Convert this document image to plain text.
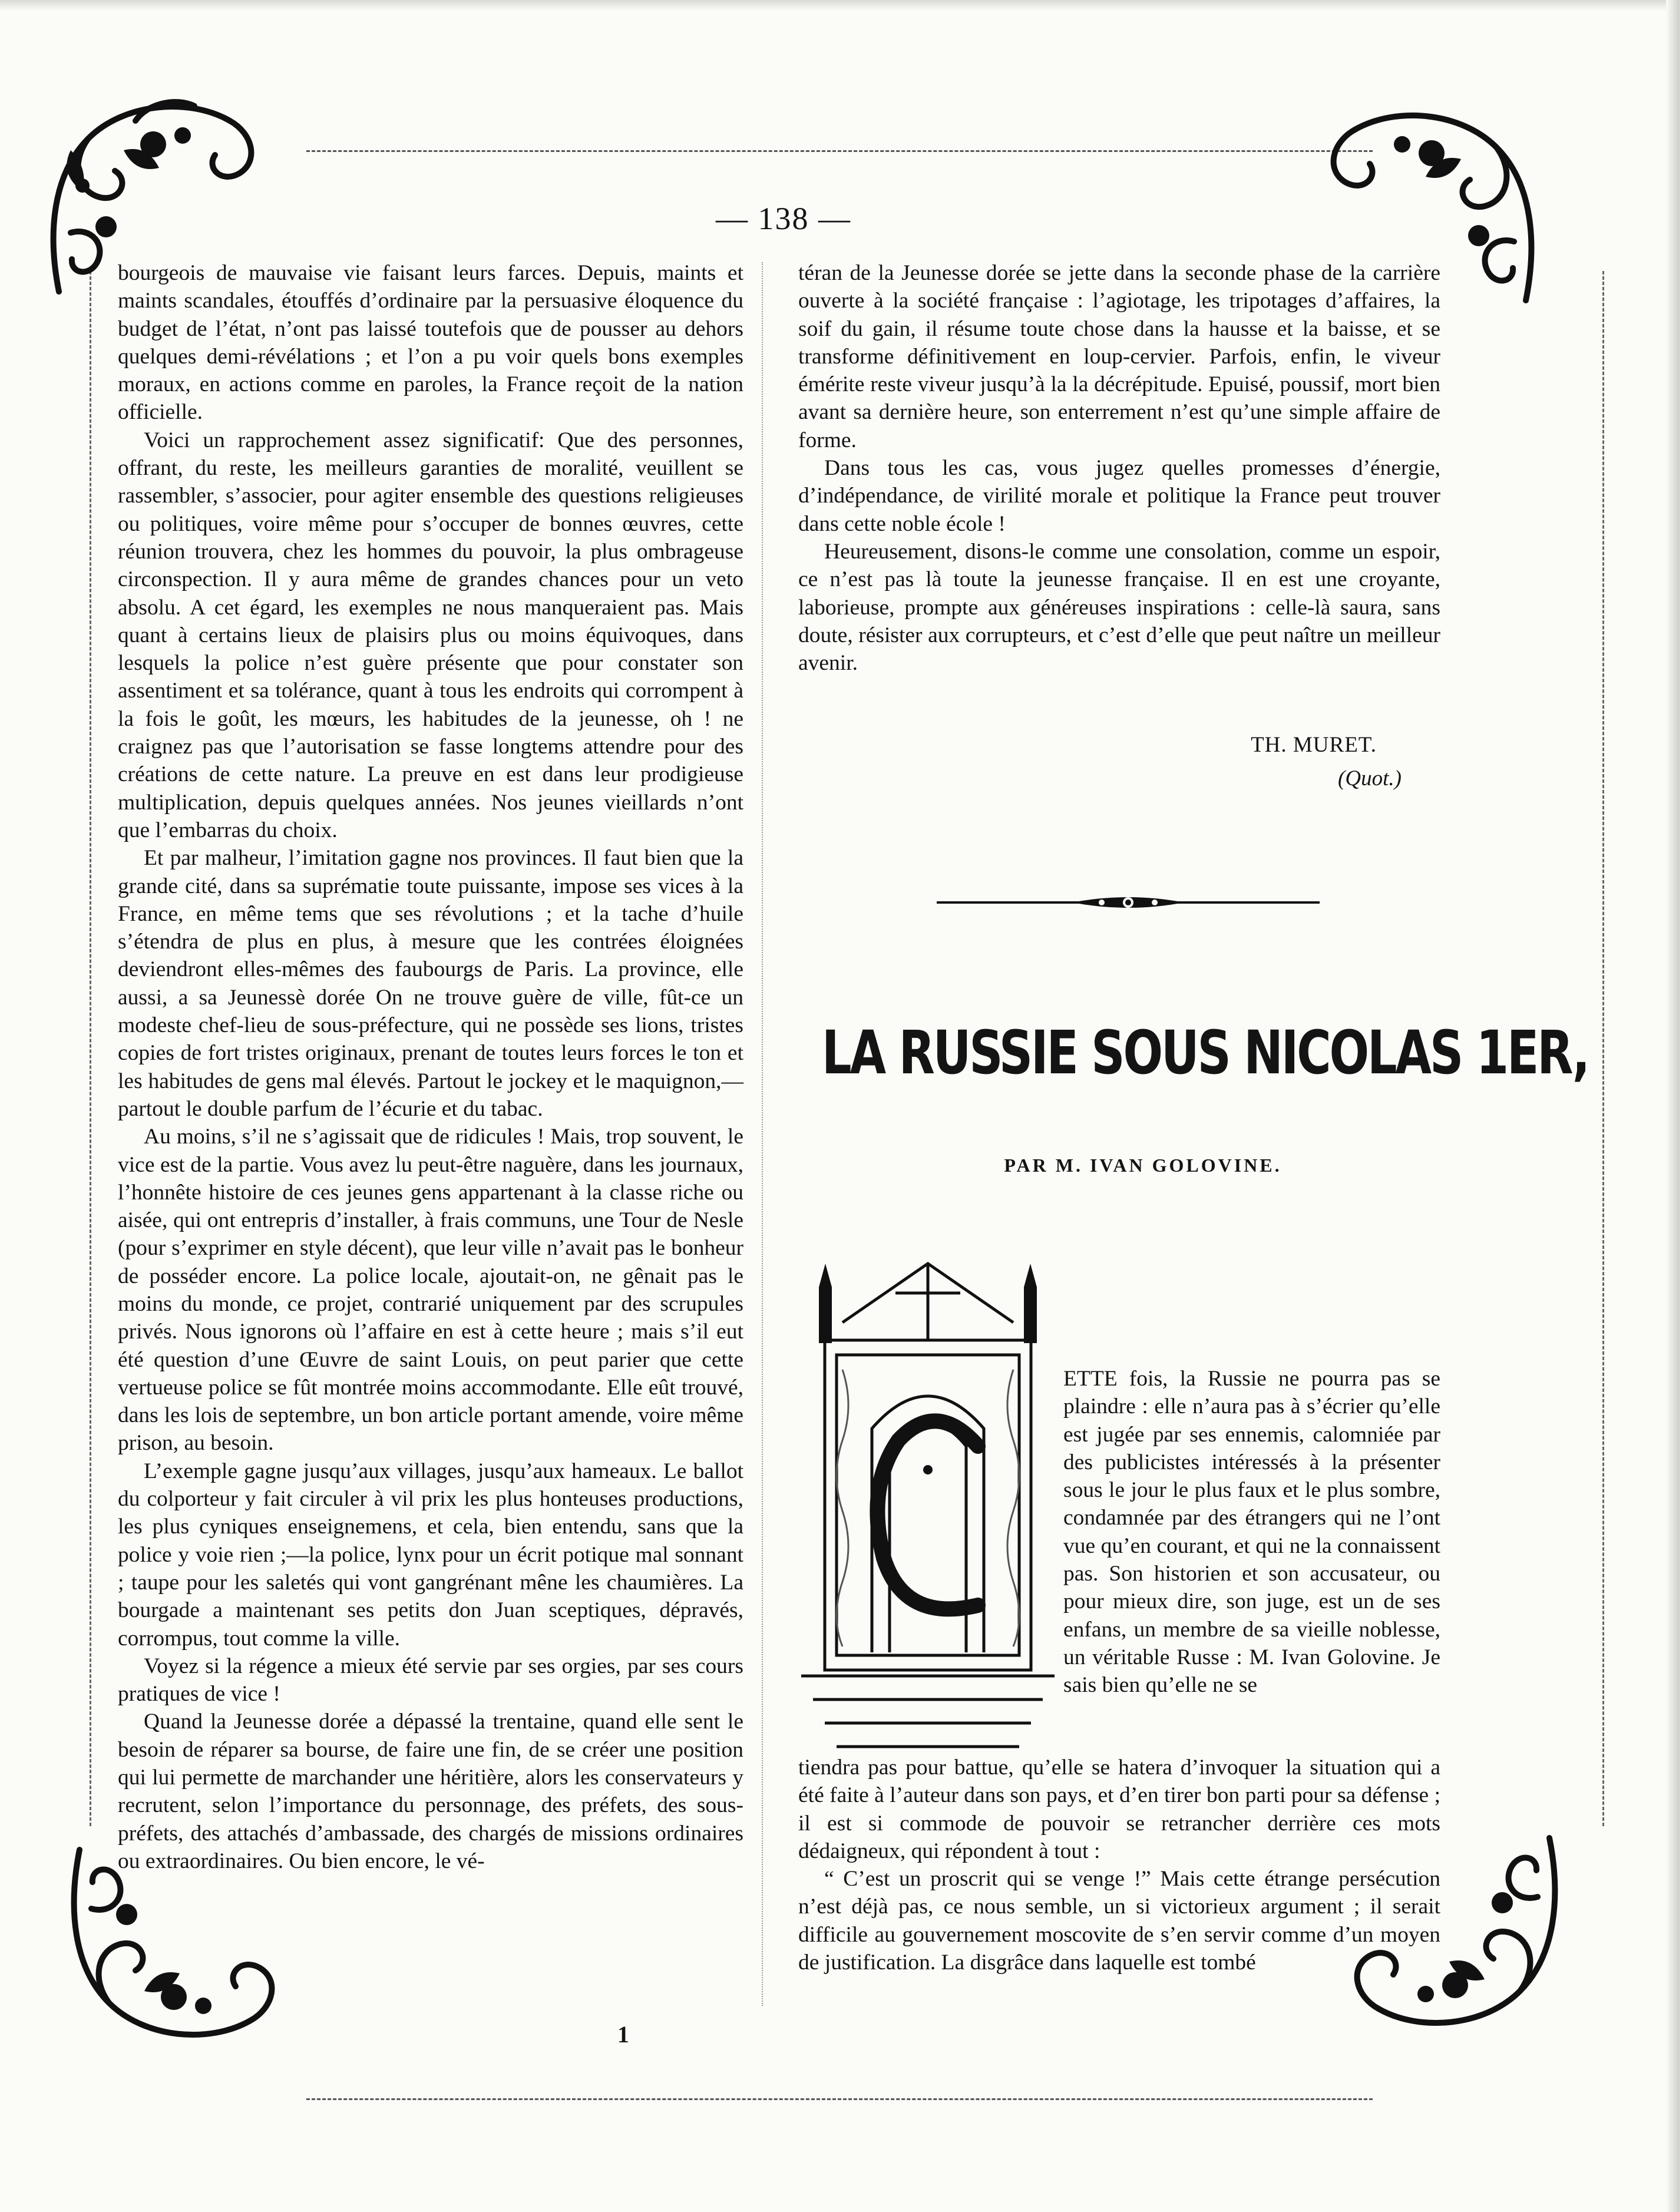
— 138 —

bourgeois de mauvaise vie faisant leurs farces. Depuis, maints et maints scandales, étouffés d’ordinaire par la persuasive éloquence du budget de l’état, n’ont pas laissé toutefois que de pousser au dehors quelques demi-révélations ; et l’on a pu voir quels bons exemples moraux, en actions comme en paroles, la France reçoit de la nation officielle.

Voici un rapprochement assez significatif: Que des personnes, offrant, du reste, les meilleurs garanties de moralité, veuillent se rassembler, s’associer, pour agiter ensemble des questions religieuses ou politiques, voire même pour s’occuper de bonnes œuvres, cette réunion trouvera, chez les hommes du pouvoir, la plus ombrageuse circonspection. Il y aura même de grandes chances pour un veto absolu. A cet égard, les exemples ne nous manqueraient pas. Mais quant à certains lieux de plaisirs plus ou moins équivoques, dans lesquels la police n’est guère présente que pour constater son assentiment et sa tolérance, quant à tous les endroits qui corrompent à la fois le goût, les mœurs, les habitudes de la jeunesse, oh ! ne craignez pas que l’autorisation se fasse longtems attendre pour des créations de cette nature. La preuve en est dans leur prodigieuse multiplication, depuis quelques années. Nos jeunes vieillards n’ont que l’embarras du choix.

Et par malheur, l’imitation gagne nos provinces. Il faut bien que la grande cité, dans sa suprématie toute puissante, impose ses vices à la France, en même tems que ses révolutions ; et la tache d’huile s’étendra de plus en plus, à mesure que les contrées éloignées deviendront elles-mêmes des faubourgs de Paris. La province, elle aussi, a sa Jeunessè dorée On ne trouve guère de ville, fût-ce un modeste chef-lieu de sous-préfecture, qui ne possède ses lions, tristes copies de fort tristes originaux, prenant de toutes leurs forces le ton et les habitudes de gens mal élevés. Partout le jockey et le maquignon,—partout le double parfum de l’écurie et du tabac.

Au moins, s’il ne s’agissait que de ridicules ! Mais, trop souvent, le vice est de la partie. Vous avez lu peut-être naguère, dans les journaux, l’honnête histoire de ces jeunes gens appartenant à la classe riche ou aisée, qui ont entrepris d’installer, à frais communs, une Tour de Nesle (pour s’exprimer en style décent), que leur ville n’avait pas le bonheur de posséder encore. La police locale, ajoutait-on, ne gênait pas le moins du monde, ce projet, contrarié uniquement par des scrupules privés. Nous ignorons où l’affaire en est à cette heure ; mais s’il eut été question d’une Œuvre de saint Louis, on peut parier que cette vertueuse police se fût montrée moins accommodante. Elle eût trouvé, dans les lois de septembre, un bon article portant amende, voire même prison, au besoin.

L’exemple gagne jusqu’aux villages, jusqu’aux hameaux. Le ballot du colporteur y fait circuler à vil prix les plus honteuses productions, les plus cyniques enseignemens, et cela, bien entendu, sans que la police y voie rien ;—la police, lynx pour un écrit potique mal sonnant ; taupe pour les saletés qui vont gangrénant mêne les chaumières. La bourgade a maintenant ses petits don Juan sceptiques, dépravés, corrompus, tout comme la ville.

Voyez si la régence a mieux été servie par ses orgies, par ses cours pratiques de vice !

Quand la Jeunesse dorée a dépassé la trentaine, quand elle sent le besoin de réparer sa bourse, de faire une fin, de se créer une position qui lui permette de marchander une héritière, alors les conservateurs y recrutent, selon l’importance du personnage, des préfets, des sous-préfets, des attachés d’ambassade, des chargés de missions ordinaires ou extraordinaires. Ou bien encore, le vé-

téran de la Jeunesse dorée se jette dans la seconde phase de la carrière ouverte à la société française : l’agiotage, les tripotages d’affaires, la soif du gain, il résume toute chose dans la hausse et la baisse, et se transforme définitivement en loup-cervier. Parfois, enfin, le viveur émérite reste viveur jusqu’à la la décrépitude. Epuisé, poussif, mort bien avant sa dernière heure, son enterrement n’est qu’une simple affaire de forme.

Dans tous les cas, vous jugez quelles promesses d’énergie, d’indépendance, de virilité morale et politique la France peut trouver dans cette noble école !

Heureusement, disons-le comme une consolation, comme un espoir, ce n’est pas là toute la jeunesse française. Il en est une croyante, laborieuse, prompte aux généreuses inspirations : celle-là saura, sans doute, résister aux corrupteurs, et c’est d’elle que peut naître un meilleur avenir.

TH. MURET.
(Quot.)
LA RUSSIE SOUS NICOLAS 1ER,
PAR M. IVAN GOLOVINE.

ETTE fois, la Russie ne pourra pas se plaindre : elle n’aura pas à s’écrier qu’elle est jugée par ses ennemis, calomniée par des publicistes intéressés à la présenter sous le jour le plus faux et le plus sombre, condamnée par des étrangers qui ne l’ont vue qu’en courant, et qui ne la connaissent pas. Son historien et son accusateur, ou pour mieux dire, son juge, est un de ses enfans, un membre de sa vieille noblesse, un véritable Russe : M. Ivan Golovine. Je sais bien qu’elle ne se

tiendra pas pour battue, qu’elle se hatera d’invoquer la situation qui a été faite à l’auteur dans son pays, et d’en tirer bon parti pour sa défense ; il est si commode de pouvoir se retrancher derrière ces mots dédaigneux, qui répondent à tout :

“ C’est un proscrit qui se venge !” Mais cette étrange persécution n’est déjà pas, ce nous semble, un si victorieux argument ; il serait difficile au gouvernement moscovite de s’en servir comme d’un moyen de justification. La disgrâce dans laquelle est tombé

1
